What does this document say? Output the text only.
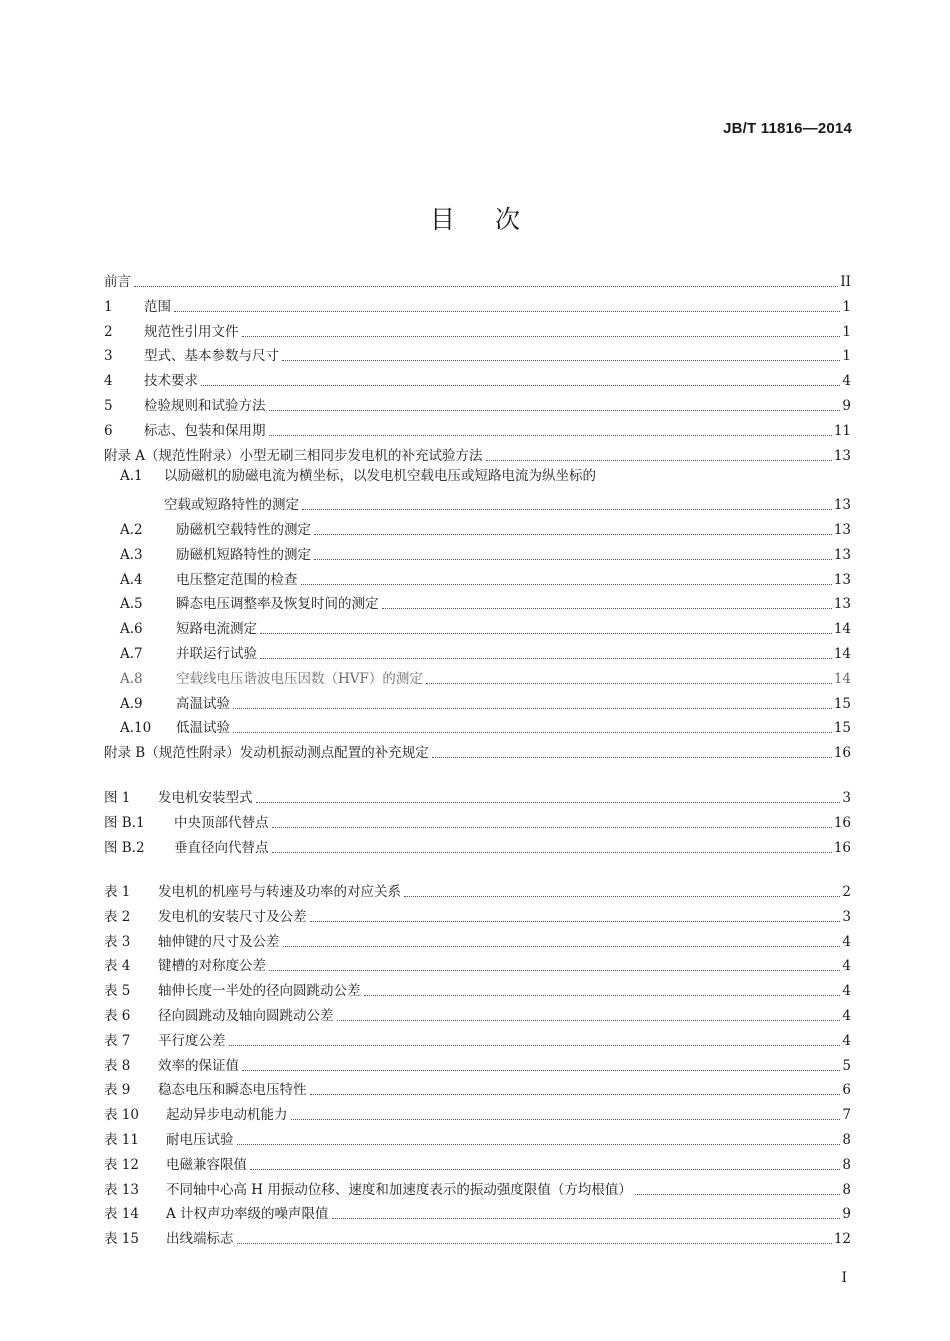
JB/T 11816—2014
目次
前言	II
1	范围	1
2	规范性引用文件	1
3	型式、基本参数与尺寸	1
4	技术要求	4
5	检验规则和试验方法	9
6	标志、包装和保用期	11
附录 A（规范性附录）小型无刷三相同步发电机的补充试验方法	13
A.1 以励磁机的励磁电流为横坐标，以发电机空载电压或短路电流为纵坐标的
空载或短路特性的测定	13
A.2	励磁机空载特性的测定	13
A.3	励磁机短路特性的测定	13
A.4	电压整定范围的检查	13
A.5	瞬态电压调整率及恢复时间的测定	13
A.6	短路电流测定	14
A.7	并联运行试验	14
A.8	空载线电压谐波电压因数（HVF）的测定	14
A.9	高温试验	15
A.10	低温试验	15
附录 B（规范性附录）发动机振动测点配置的补充规定	16
图 1	发电机安装型式	3
图 B.1	中央顶部代替点	16
图 B.2	垂直径向代替点	16
表 1	发电机的机座号与转速及功率的对应关系	2
表 2	发电机的安装尺寸及公差	3
表 3	轴伸键的尺寸及公差	4
表 4	键槽的对称度公差	4
表 5	轴伸长度一半处的径向圆跳动公差	4
表 6	径向圆跳动及轴向圆跳动公差	4
表 7	平行度公差	4
表 8	效率的保证值	5
表 9	稳态电压和瞬态电压特性	6
表 10	起动异步电动机能力	7
表 11	耐电压试验	8
表 12	电磁兼容限值	8
表 13	不同轴中心高 H 用振动位移、速度和加速度表示的振动强度限值（方均根值）	8
表 14	A 计权声功率级的噪声限值	9
表 15	出线端标志	12
I
